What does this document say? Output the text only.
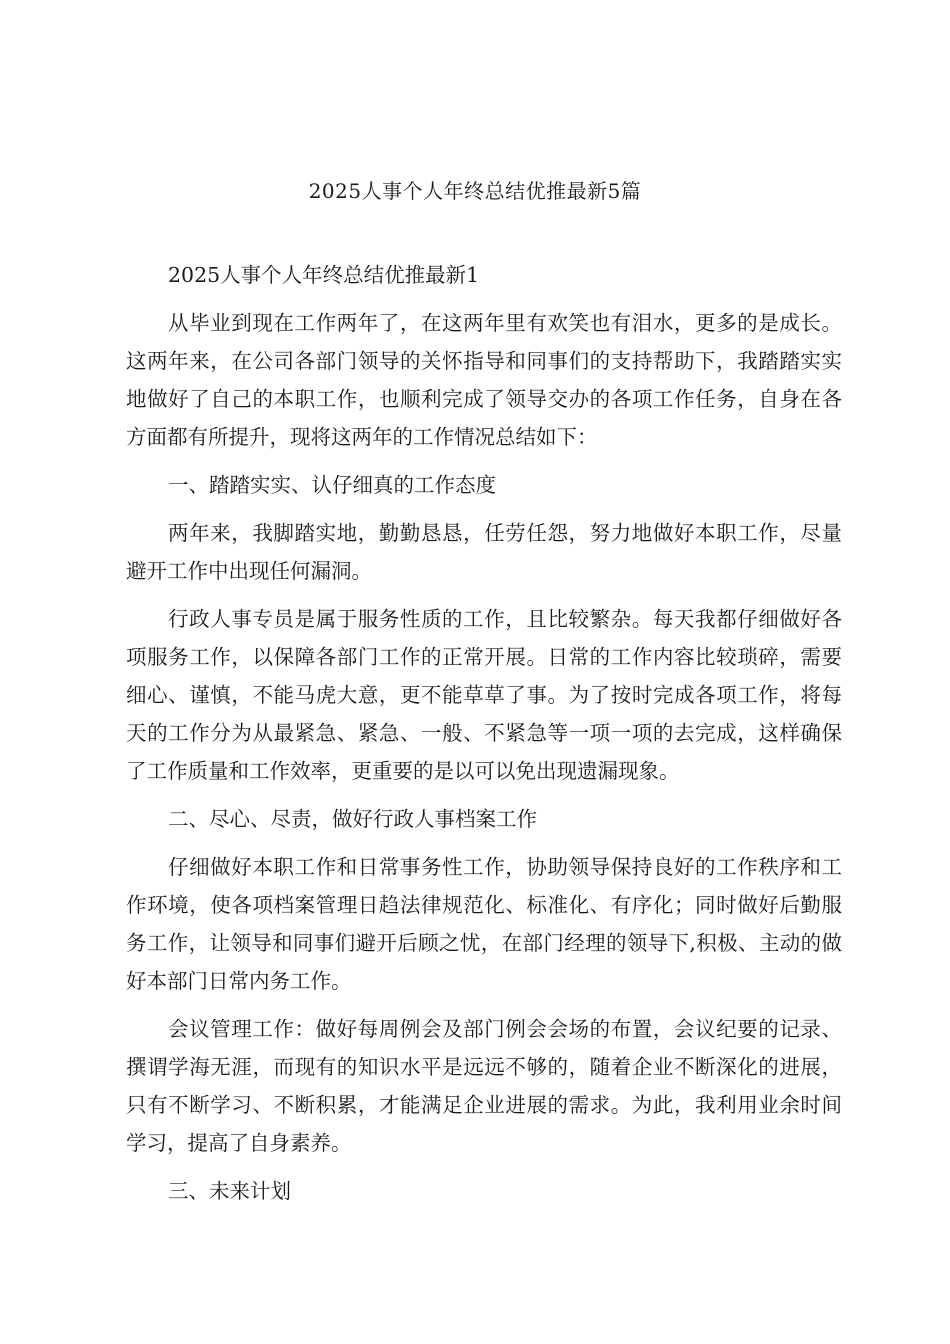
2025人事个人年终总结优推最新5篇

2025人事个人年终总结优推最新1

从毕业到现在工作两年了，在这两年里有欢笑也有泪水，更多的是成长。这两年来，在公司各部门领导的关怀指导和同事们的支持帮助下，我踏踏实实地做好了自己的本职工作，也顺利完成了领导交办的各项工作任务，自身在各方面都有所提升，现将这两年的工作情况总结如下：

一、踏踏实实、认仔细真的工作态度

两年来，我脚踏实地，勤勤恳恳，任劳任怨，努力地做好本职工作，尽量避开工作中出现任何漏洞。

行政人事专员是属于服务性质的工作，且比较繁杂。每天我都仔细做好各项服务工作，以保障各部门工作的正常开展。日常的工作内容比较琐碎，需要细心、谨慎，不能马虎大意，更不能草草了事。为了按时完成各项工作，将每天的工作分为从最紧急、紧急、一般、不紧急等一项一项的去完成，这样确保了工作质量和工作效率，更重要的是以可以免出现遗漏现象。

二、尽心、尽责，做好行政人事档案工作

仔细做好本职工作和日常事务性工作，协助领导保持良好的工作秩序和工作环境，使各项档案管理日趋法律规范化、标准化、有序化；同时做好后勤服务工作，让领导和同事们避开后顾之忧，在部门经理的领导下,积极、主动的做好本部门日常内务工作。

会议管理工作：做好每周例会及部门例会会场的布置，会议纪要的记录、撰谓学海无涯，而现有的知识水平是远远不够的，随着企业不断深化的进展，只有不断学习、不断积累，才能满足企业进展的需求。为此，我利用业余时间学习，提高了自身素养。

三、未来计划
